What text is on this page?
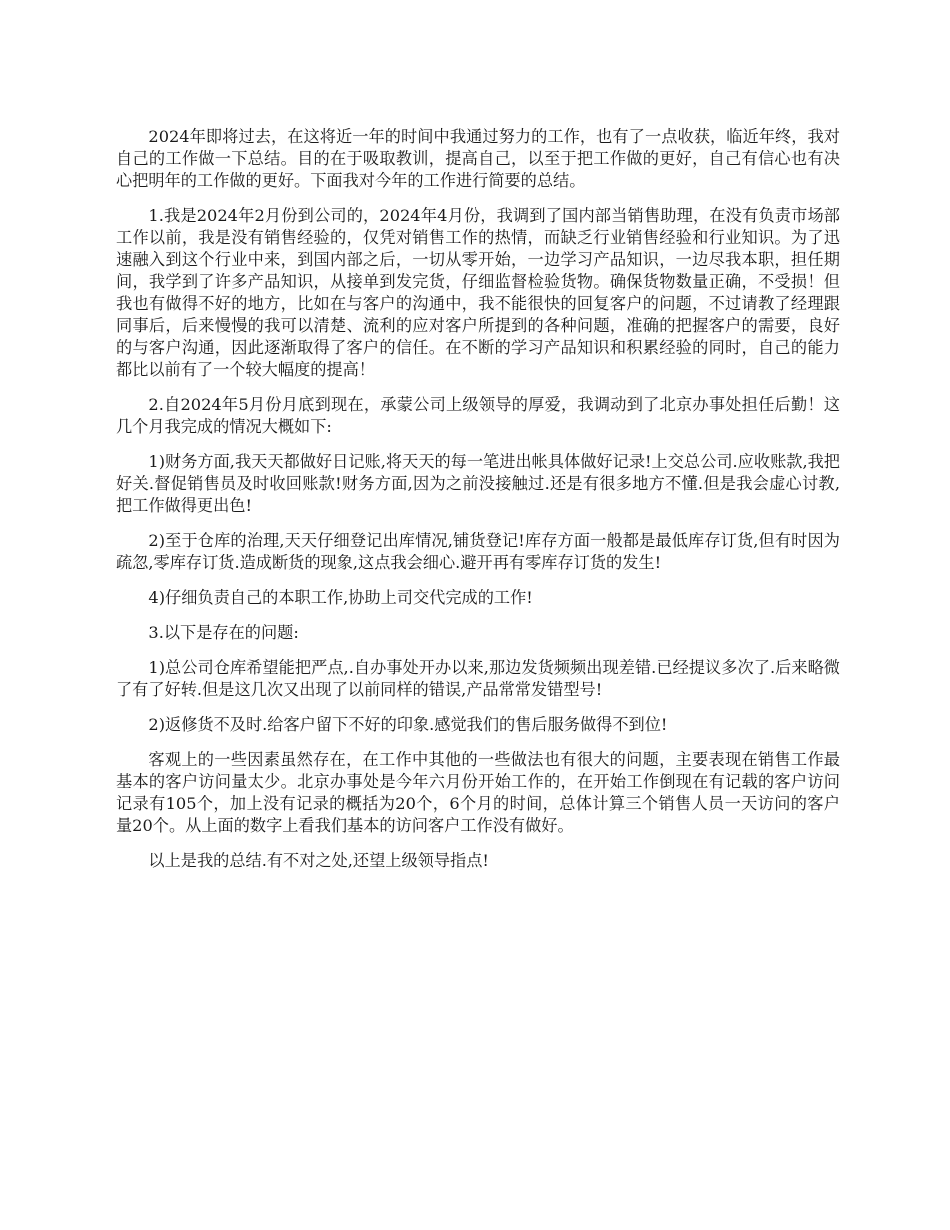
2024年即将过去，在这将近一年的时间中我通过努力的工作，也有了一点收获，临近年终，我对自己的工作做一下总结。目的在于吸取教训，提高自己，以至于把工作做的更好，自己有信心也有决心把明年的工作做的更好。下面我对今年的工作进行简要的总结。

1.我是2024年2月份到公司的，2024年4月份，我调到了国内部当销售助理，在没有负责市场部工作以前，我是没有销售经验的，仅凭对销售工作的热情，而缺乏行业销售经验和行业知识。为了迅速融入到这个行业中来，到国内部之后，一切从零开始，一边学习产品知识，一边尽我本职，担任期间，我学到了许多产品知识，从接单到发完货，仔细监督检验货物。确保货物数量正确，不受损！但我也有做得不好的地方，比如在与客户的沟通中，我不能很快的回复客户的问题，不过请教了经理跟同事后，后来慢慢的我可以清楚、流利的应对客户所提到的各种问题，准确的把握客户的需要，良好的与客户沟通，因此逐渐取得了客户的信任。在不断的学习产品知识和积累经验的同时，自己的能力都比以前有了一个较大幅度的提高！

2.自2024年5月份月底到现在，承蒙公司上级领导的厚爱，我调动到了北京办事处担任后勤！这几个月我完成的情况大概如下:

1)财务方面,我天天都做好日记账,将天天的每一笔进出帐具体做好记录!上交总公司.应收账款,我把好关.督促销售员及时收回账款!财务方面,因为之前没接触过.还是有很多地方不懂.但是我会虚心讨教,把工作做得更出色!

2)至于仓库的治理,天天仔细登记出库情况,铺货登记!库存方面一般都是最低库存订货,但有时因为疏忽,零库存订货.造成断货的现象,这点我会细心.避开再有零库存订货的发生!

4)仔细负责自己的本职工作,协助上司交代完成的工作!

3.以下是存在的问题:

1)总公司仓库希望能把严点,.自办事处开办以来,那边发货频频出现差错.已经提议多次了.后来略微了有了好转.但是这几次又出现了以前同样的错误,产品常常发错型号!

2)返修货不及时.给客户留下不好的印象.感觉我们的售后服务做得不到位!

客观上的一些因素虽然存在，在工作中其他的一些做法也有很大的问题，主要表现在销售工作最基本的客户访问量太少。北京办事处是今年六月份开始工作的，在开始工作倒现在有记载的客户访问记录有105个，加上没有记录的概括为20个，6个月的时间，总体计算三个销售人员一天访问的客户量20个。从上面的数字上看我们基本的访问客户工作没有做好。

以上是我的总结.有不对之处,还望上级领导指点!
